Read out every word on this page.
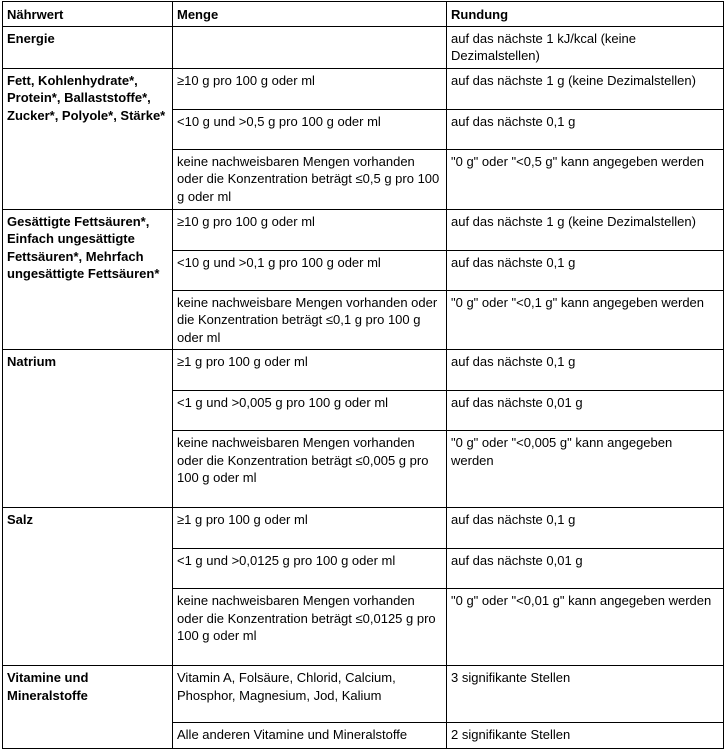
Nährwert	Menge	Rundung
Energie		auf das nächste 1 kJ/kcal (keine Dezimalstellen)
Fett, Kohlenhydrate*, Protein*, Ballaststoffe*, Zucker*, Polyole*, Stärke*	≥10 g pro 100 g oder ml	auf das nächste 1 g (keine Dezimalstellen)
	<10 g und >0,5 g pro 100 g oder ml	auf das nächste 0,1 g
	keine nachweisbaren Mengen vorhanden oder die Konzentration beträgt ≤0,5 g pro 100 g oder ml	"0 g" oder "<0,5 g" kann angegeben werden
Gesättigte Fettsäuren*, Einfach ungesättigte Fettsäuren*, Mehrfach ungesättigte Fettsäuren*	≥10 g pro 100 g oder ml	auf das nächste 1 g (keine Dezimalstellen)
	<10 g und >0,1 g pro 100 g oder ml	auf das nächste 0,1 g
	keine nachweisbare Mengen vorhanden oder die Konzentration beträgt ≤0,1 g pro 100 g oder ml	"0 g" oder "<0,1 g" kann angegeben werden
Natrium	≥1 g pro 100 g oder ml	auf das nächste 0,1 g
	<1 g und >0,005 g pro 100 g oder ml	auf das nächste 0,01 g
	keine nachweisbaren Mengen vorhanden oder die Konzentration beträgt ≤0,005 g pro 100 g oder ml	"0 g" oder "<0,005 g" kann angegeben werden
Salz	≥1 g pro 100 g oder ml	auf das nächste 0,1 g
	<1 g und >0,0125 g pro 100 g oder ml	auf das nächste 0,01 g
	keine nachweisbaren Mengen vorhanden oder die Konzentration beträgt ≤0,0125 g pro 100 g oder ml	"0 g" oder "<0,01 g" kann angegeben werden
Vitamine und Mineralstoffe	Vitamin A, Folsäure, Chlorid, Calcium, Phosphor, Magnesium, Jod, Kalium	3 signifikante Stellen
	Alle anderen Vitamine und Mineralstoffe	2 signifikante Stellen
